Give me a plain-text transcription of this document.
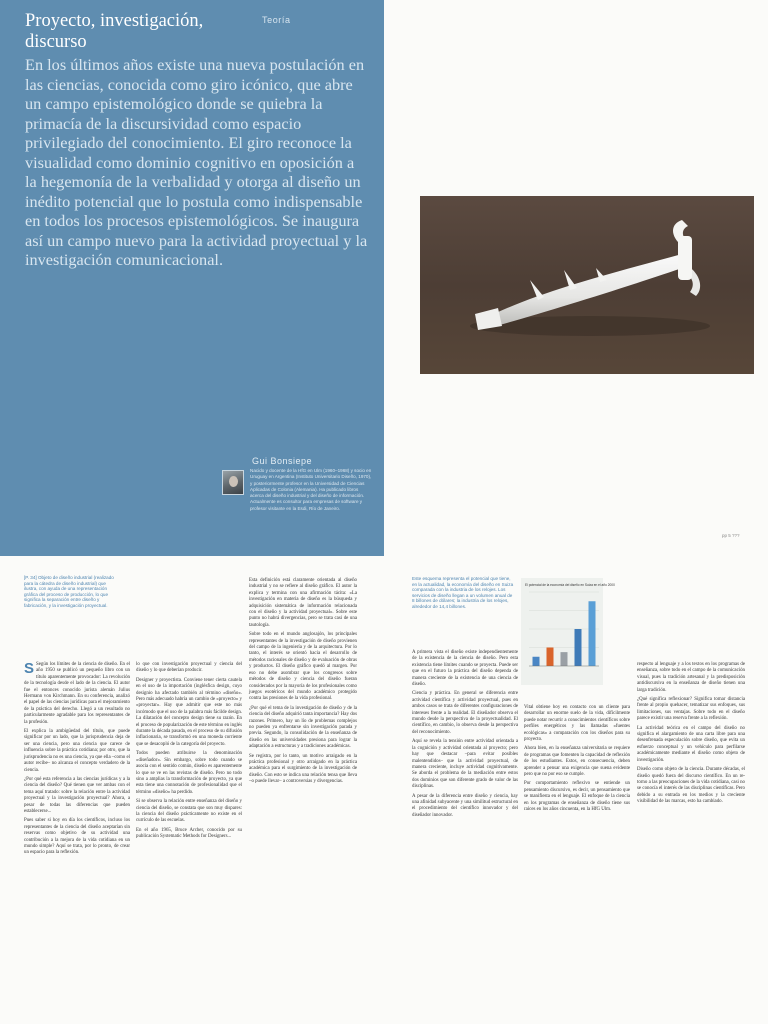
Proyecto, investigación, discurso
Teoría
En los últimos años existe una nueva postulación en las ciencias, conocida como giro icónico, que abre un campo epistemológico donde se quiebra la primacía de la discursividad como espacio privilegiado del conocimiento. El giro reconoce la visualidad como dominio cognitivo en oposición a la hegemonía de la verbalidad y otorga al diseño un inédito potencial que lo postula como indispensable en todos los procesos epistemológicos. Se inaugura así un campo nuevo para la actividad proyectual y la investigación comunicacional.
Gui Bonsiepe
Nacido y docente de la HfG en Ulm (1960–1968) y socio en Uruguay en Argentina (Instituto Universitario Diseño, 1970), y posteriormente profesor en la Universidad de Ciencias Aplicadas de Colonia (Alemania). Ha publicado libros acerca del diseño industrial y del diseño de información. Actualmente es consultor para empresas de software y profesor visitante en la Esdi, Río de Janeiro.
pp 5 ???
[P. 34] Objeto de diseño industrial (realizado para la cátedra de diseño industrial) que ilustra, con ayuda de una representación gráfica del proceso de producción, lo que significa la separación entre diseño y fabricación, y la investigación proyectual.

S Según los límites de la ciencia de diseño. En el año 1950 se publicó un pequeño libro con un título aparentemente provocador: La revolución de la tecnología desde el lado de la ciencia. El autor fue el entonces conocido jurista alemán Julius Hermann von Kirchmann. En su conferencia, analizó el papel de las ciencias jurídicas para el mejoramiento de la práctica del derecho. Llegó a un resultado no particularmente agradable para los representantes de la profesión.

El explica la ambigüedad del título, que puede significar por un lado, que la jurisprudencia deja de ser una ciencia, pero una ciencia que carece de influencia sobre la práctica cotidiana; por otro, que la jurisprudencia no es una ciencia, ya que ella –como el autor recibe– no alcanza el concepto verdadero de la ciencia.

¿Por qué esta referencia a las ciencias jurídicas y a la ciencia del diseño? Qué tienen que ver ambas con el tema aquí tratado: sobre la relación entre la actividad proyectual y la investigación proyectual? Ahora, a pesar de todas las diferencias que pueden establecerse...

Pues saber si hoy en día los científicos, incluso los representantes de la ciencia del diseño aceptarían sin reservas como objetivo de su actividad una contribución a la mejora de la vida cotidiana en un mundo simple? Aquí se trata, por lo pronto, de crear un espacio para la reflexión.

lo que con investigación proyectual y ciencia del diseño y lo que deberían producir.

Designer y proyectista. Conviene tener cierta cautela en el uso de la importación (inglésfica design, cuyo designio ha afectado también al término «diseño». Pero más adecuado habría un cambio de «proyecto» y «proyectar». Hay que admitir que este no más incómodo que el uso de la palabra más fácilde design. La dilatación del concepto design tiene su razón. En el proceso de popularización de este término en inglés durante la década pasada, en el proceso de su difusión inflacionaria, se transformó en una moneda corriente que se desacopló de la categoría del proyecto.

Todos pueden atribuirse la denominación «diseñador». Sin embargo, sobre todo cuando se asocia con el sentido común, diseño es aparentemente lo que se ve en las revistas de diseño. Pero no todo sino a amplias la transformación de proyecto, ya que esta tiene una connotación de profesionalidad que el término «diseño» ha perdido.

Si se observa la relación entre enseñanza del diseño y ciencia del diseño, se constata que son muy dispares: la ciencia del diseño prácticamente no existe en el currículo de las escuelas.

En el año 1965, Bruce Archer, conocido por su publicación Systematic Methods for Designers...

Esta definición está claramente orientada al diseño industrial y no se refiere al diseño gráfico. El autor la explica y termina con una afirmación tácita: «La investigación en materia de diseño es la búsqueda y adquisición sistemática de información relacionada con el diseño y la actividad proyectual». Sobre este punto no habrá divergencias, pero se trata casi de una tautología.

Sobre todo en el mundo anglosajón, los principales representantes de la investigación de diseño provienen del campo de la ingeniería y de la arquitectura. Por lo tanto, el interés se orientó hacia el desarrollo de métodos racionales de diseño y de evaluación de obras y productos. El diseño gráfico quedó al margen. Por eso no debe asombrar que los congresos sobre métodos de diseño y ciencia del diseño fueran considerados por la mayoría de los profesionales como juegos esotéricos del mundo académico protegido contra las presiones de la vida profesional.

¿Por qué el tema de la investigación de diseño y de la ciencia del diseño adquirió tanta importancia? Hay dos razones. Primero, hay un lío de problemas complejos no pueden ya enfrentarse sin investigación parada y previa. Segundo, la consolidación de la enseñanza de diseño en las universidades presiona para lograr la adaptación a estructuras y a tradiciones académicas.

Se registra, por lo tanto, un motivo arraigado en la práctica profesional y otro arraigado en la práctica académica para el surgimiento de la investigación de diseño. Con esto se indica una relación tensa que lleva –o puede llevar– a controversias y divergencias.

Este esquema representa el potencial que tiene, en la actualidad, la economía del diseño en Suiza comparada con la industria de los relojes. Los servicios de diseño llegan a un volumen anual de 8 billones de dólares; la industria de los relojes, alrededor de 14,4 billones.
El potencial de la economía del diseño en Suiza en el año 2000

A primera vista el diseño existe independientemente de la existencia de la ciencia de diseño. Pero esta existencia tiene límites cuando se proyecta. Puede ser que en el futuro la práctica del diseño dependa de manera creciente de la existencia de una ciencia de diseño.

Ciencia y práctica. En general se diferencia entre actividad científica y actividad proyectual, pues en ambos casos se trata de diferentes conﬁguraciones de intereses frente a la realidad. El diseñador observa el mundo desde la perspectiva de la proyectualidad. El científico, en cambio, lo observa desde la perspectiva del reconocimiento.

Aquí se revela la tensión entre actividad orientada a la cognición y actividad orientada al proyecto; pero hay que destacar –para evitar posibles malentendidos– que la actividad proyectual, de manera creciente, incluye actividad cognitivamente. Se aborda el problema de la mediación entre estos dos dominios que son diferente grado de valor de las disciplinas.

A pesar de la diferencia entre diseño y ciencia, hay una afinidad subyacente y una similitud estructural en el procedimiento del científico innovador y del diseñador innovador.

Vital obtiene hoy en contacto con un cliente para desarrollar un enorme suelo de la vida, difícilmente puede notar recurrir a conocimientos científicos sobre perfiles energéticos y las llamadas «fuentes ecológicas» a comparación con los diseños para su proyecto.

Ahora bien, en la enseñanza universitaria se requiere de programas que fomenten la capacidad de reflexión de los estudiantes. Estos, en consecuencia, deben aprender a pensar una exigencia que suena evidente pero que no por eso se cumple.

Por comportamiento reflexivo se entiende un pensamiento discursivo, es decir, un pensamiento que se manifiesta en el lenguaje. El enfoque de la ciencia en los programas de enseñanza de diseño tiene sus raíces en los años cincuenta, en la HfG Ulm.

respecto al lenguaje y a los textos en los programas de enseñanza, sobre todo en el campo de la comunicación visual, pues la tradición artesanal y la predisposición antidiscursiva en la enseñanza de diseño tienen una larga tradición.

¿Qué significa reflexionar? Significa tomar distancia frente al propio quehacer, tematizar sus enfoques, sus limitaciones, sus ventajas. Sobre todo en el diseño parece existir una reserva frente a la reflexión.

La actividad teórica en el campo del diseño no significa el alargamiento de una carta libre para una desenfrenada especulación sobre diseño, que evita un esfuerzo conceptual y un vehículo para perfilarse académicamente mediante el diseño como objeto de investigación.

Diseño como objeto de la ciencia. Durante décadas, el diseño quedó fuera del discurso científico. En un re-torno a las preocupaciones de la vida cotidiana, casi no se conocía el interés de las disciplinas científicas. Pero debido a su entrada en los medios y la creciente visibilidad de las marcas, esto ha cambiado.
